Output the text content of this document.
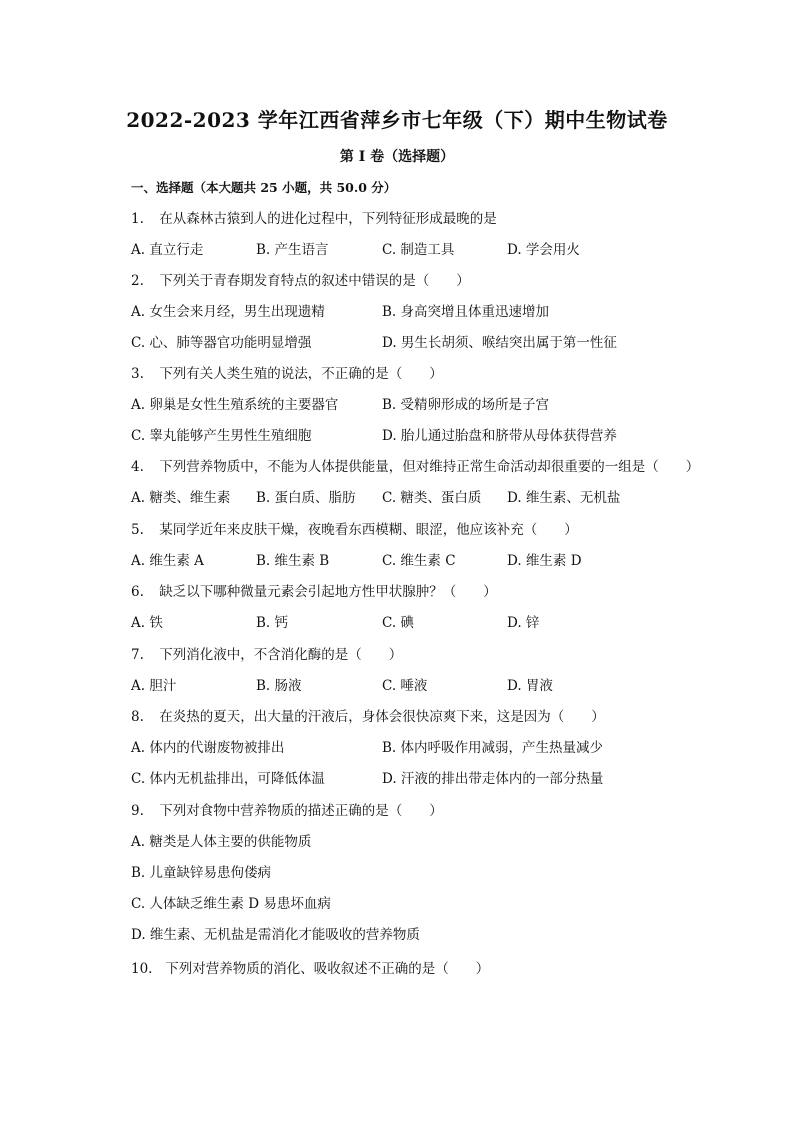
2022-2023 学年江西省萍乡市七年级（下）期中生物试卷
第 I 卷（选择题）
一、选择题（本大题共 25 小题，共 50.0 分）
1. 在从森林古猿到人的进化过程中，下列特征形成最晚的是
A. 直立行走	B. 产生语言	C. 制造工具	D. 学会用火
2. 下列关于青春期发育特点的叙述中错误的是（　　）
A. 女生会来月经，男生出现遗精	B. 身高突增且体重迅速增加
C. 心、肺等器官功能明显增强	D. 男生长胡须、喉结突出属于第一性征
3. 下列有关人类生殖的说法，不正确的是（　　）
A. 卵巢是女性生殖系统的主要器官	B. 受精卵形成的场所是子宫
C. 睾丸能够产生男性生殖细胞	D. 胎儿通过胎盘和脐带从母体获得营养
4. 下列营养物质中，不能为人体提供能量，但对维持正常生命活动却很重要的一组是（　　）
A. 糖类、维生素 B. 蛋白质、脂肪 C. 糖类、蛋白质 D. 维生素、无机盐
5. 某同学近年来皮肤干燥，夜晚看东西模糊、眼涩，他应该补充（　　）
A. 维生素 A	B. 维生素 B	C. 维生素 C	D. 维生素 D
6. 缺乏以下哪种微量元素会引起地方性甲状腺肿？（　　）
A. 铁	B. 钙	C. 碘	D. 锌
7. 下列消化液中，不含消化酶的是（　　）
A. 胆汁	B. 肠液	C. 唾液	D. 胃液
8. 在炎热的夏天，出大量的汗液后，身体会很快凉爽下来，这是因为（　　）
A. 体内的代谢废物被排出	B. 体内呼吸作用减弱，产生热量减少
C. 体内无机盐排出，可降低体温	D. 汗液的排出带走体内的一部分热量
9. 下列对食物中营养物质的描述正确的是（　　）
A. 糖类是人体主要的供能物质
B. 儿童缺锌易患佝偻病
C. 人体缺乏维生素 D 易患坏血病
D. 维生素、无机盐是需消化才能吸收的营养物质
10. 下列对营养物质的消化、吸收叙述不正确的是（　　）
